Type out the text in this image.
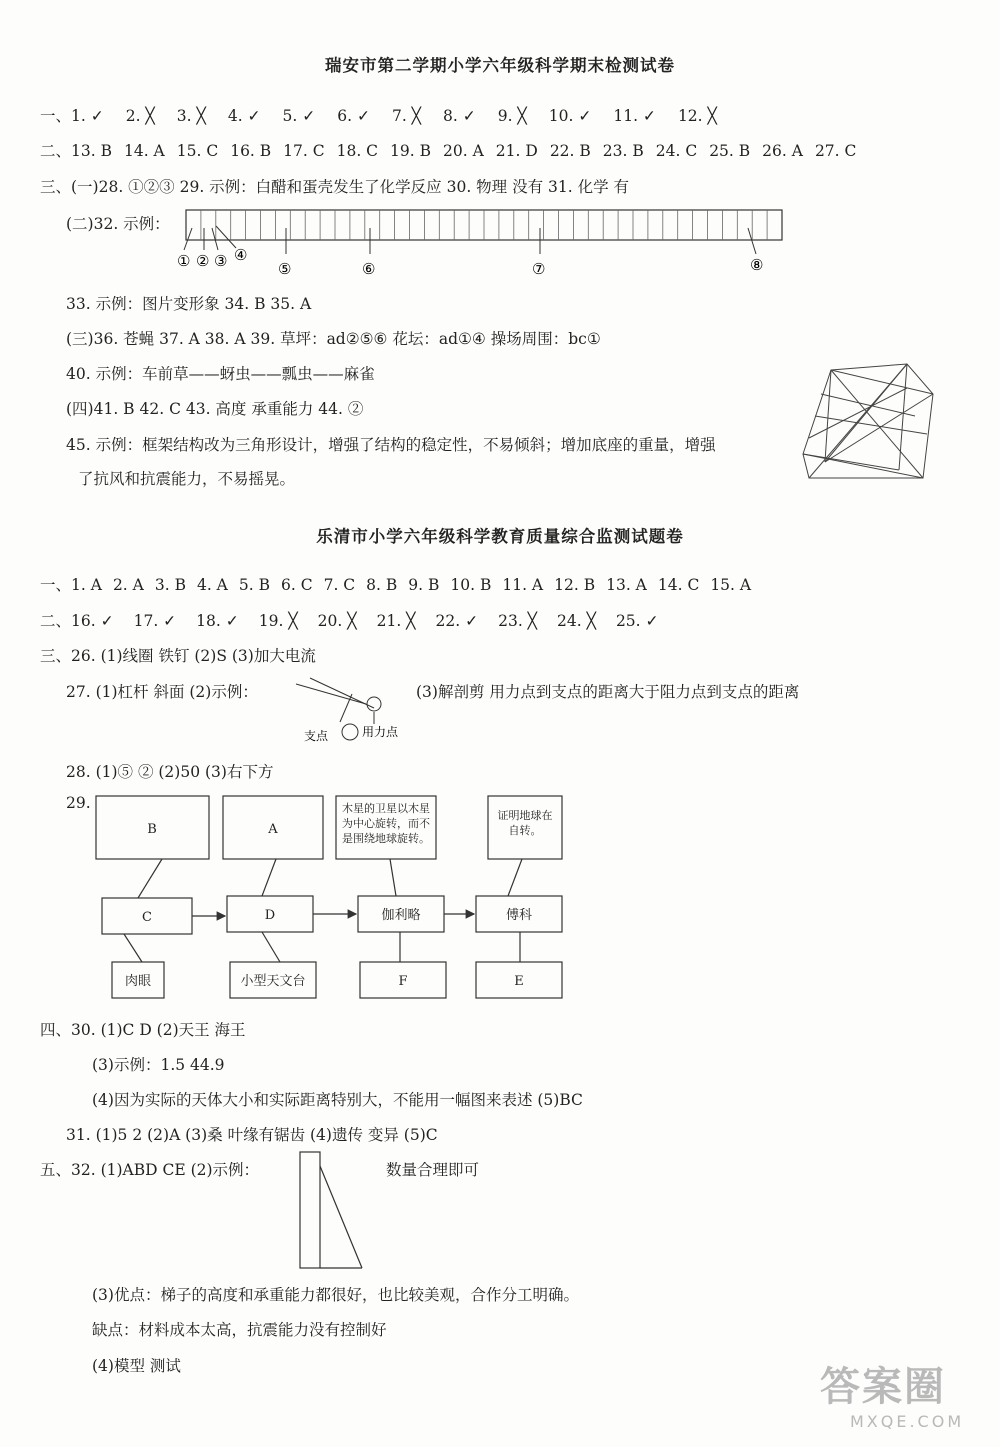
瑞安市第二学期小学六年级科学期末检测试卷
一、1. ✓ 2. ╳ 3. ╳ 4. ✓ 5. ✓ 6. ✓ 7. ╳ 8. ✓ 9. ╳ 10. ✓ 11. ✓ 12. ╳
二、13. B 14. A 15. C 16. B 17. C 18. C 19. B 20. A 21. D 22. B 23. B 24. C 25. B 26. A 27. C
三、(一)28. ①②③ 29. 示例：白醋和蛋壳发生了化学反应 30. 物理 没有 31. 化学 有
(二)32. 示例：
① ② ③ ④
⑤	⑥	⑦	⑧
33. 示例：图片变形象 34. B 35. A
(三)36. 苍蝇 37. A 38. A 39. 草坪：ad②⑤⑥ 花坛：ad①④ 操场周围：bc①
40. 示例：车前草——蚜虫——瓢虫——麻雀
(四)41. B 42. C 43. 高度 承重能力 44. ②
45. 示例：框架结构改为三角形设计，增强了结构的稳定性，不易倾斜；增加底座的重量，增强
了抗风和抗震能力，不易摇晃。
乐清市小学六年级科学教育质量综合监测试题卷
一、1. A 2. A 3. B 4. A 5. B 6. C 7. C 8. B 9. B 10. B 11. A 12. B 13. A 14. C 15. A
二、16. ✓ 17. ✓ 18. ✓ 19. ╳ 20. ╳ 21. ╳ 22. ✓ 23. ╳ 24. ╳ 25. ✓
三、26. (1)线圈 铁钉 (2)S (3)加大电流
27. (1)杠杆 斜面 (2)示例：	(3)解剖剪 用力点到支点的距离大于阻力点到支点的距离
支点	用力点
28. (1)⑤ ② (2)50 (3)右下方
29.
B	A
C	D	伽利略	傅科
肉眼	小型天文台	F	E
木星的卫星以木星为中心旋转，而不是围绕地球旋转。
证明地球在自转。
四、30. (1)C D (2)天王 海王
(3)示例：1.5 44.9
(4)因为实际的天体大小和实际距离特别大，不能用一幅图来表述 (5)BC
31. (1)5 2 (2)A (3)桑 叶缘有锯齿 (4)遗传 变异 (5)C
五、32. (1)ABD CE (2)示例：	数量合理即可
(3)优点：梯子的高度和承重能力都很好，也比较美观，合作分工明确。
缺点：材料成本太高，抗震能力没有控制好
(4)模型 测试	答案圈
MXQE.COM
